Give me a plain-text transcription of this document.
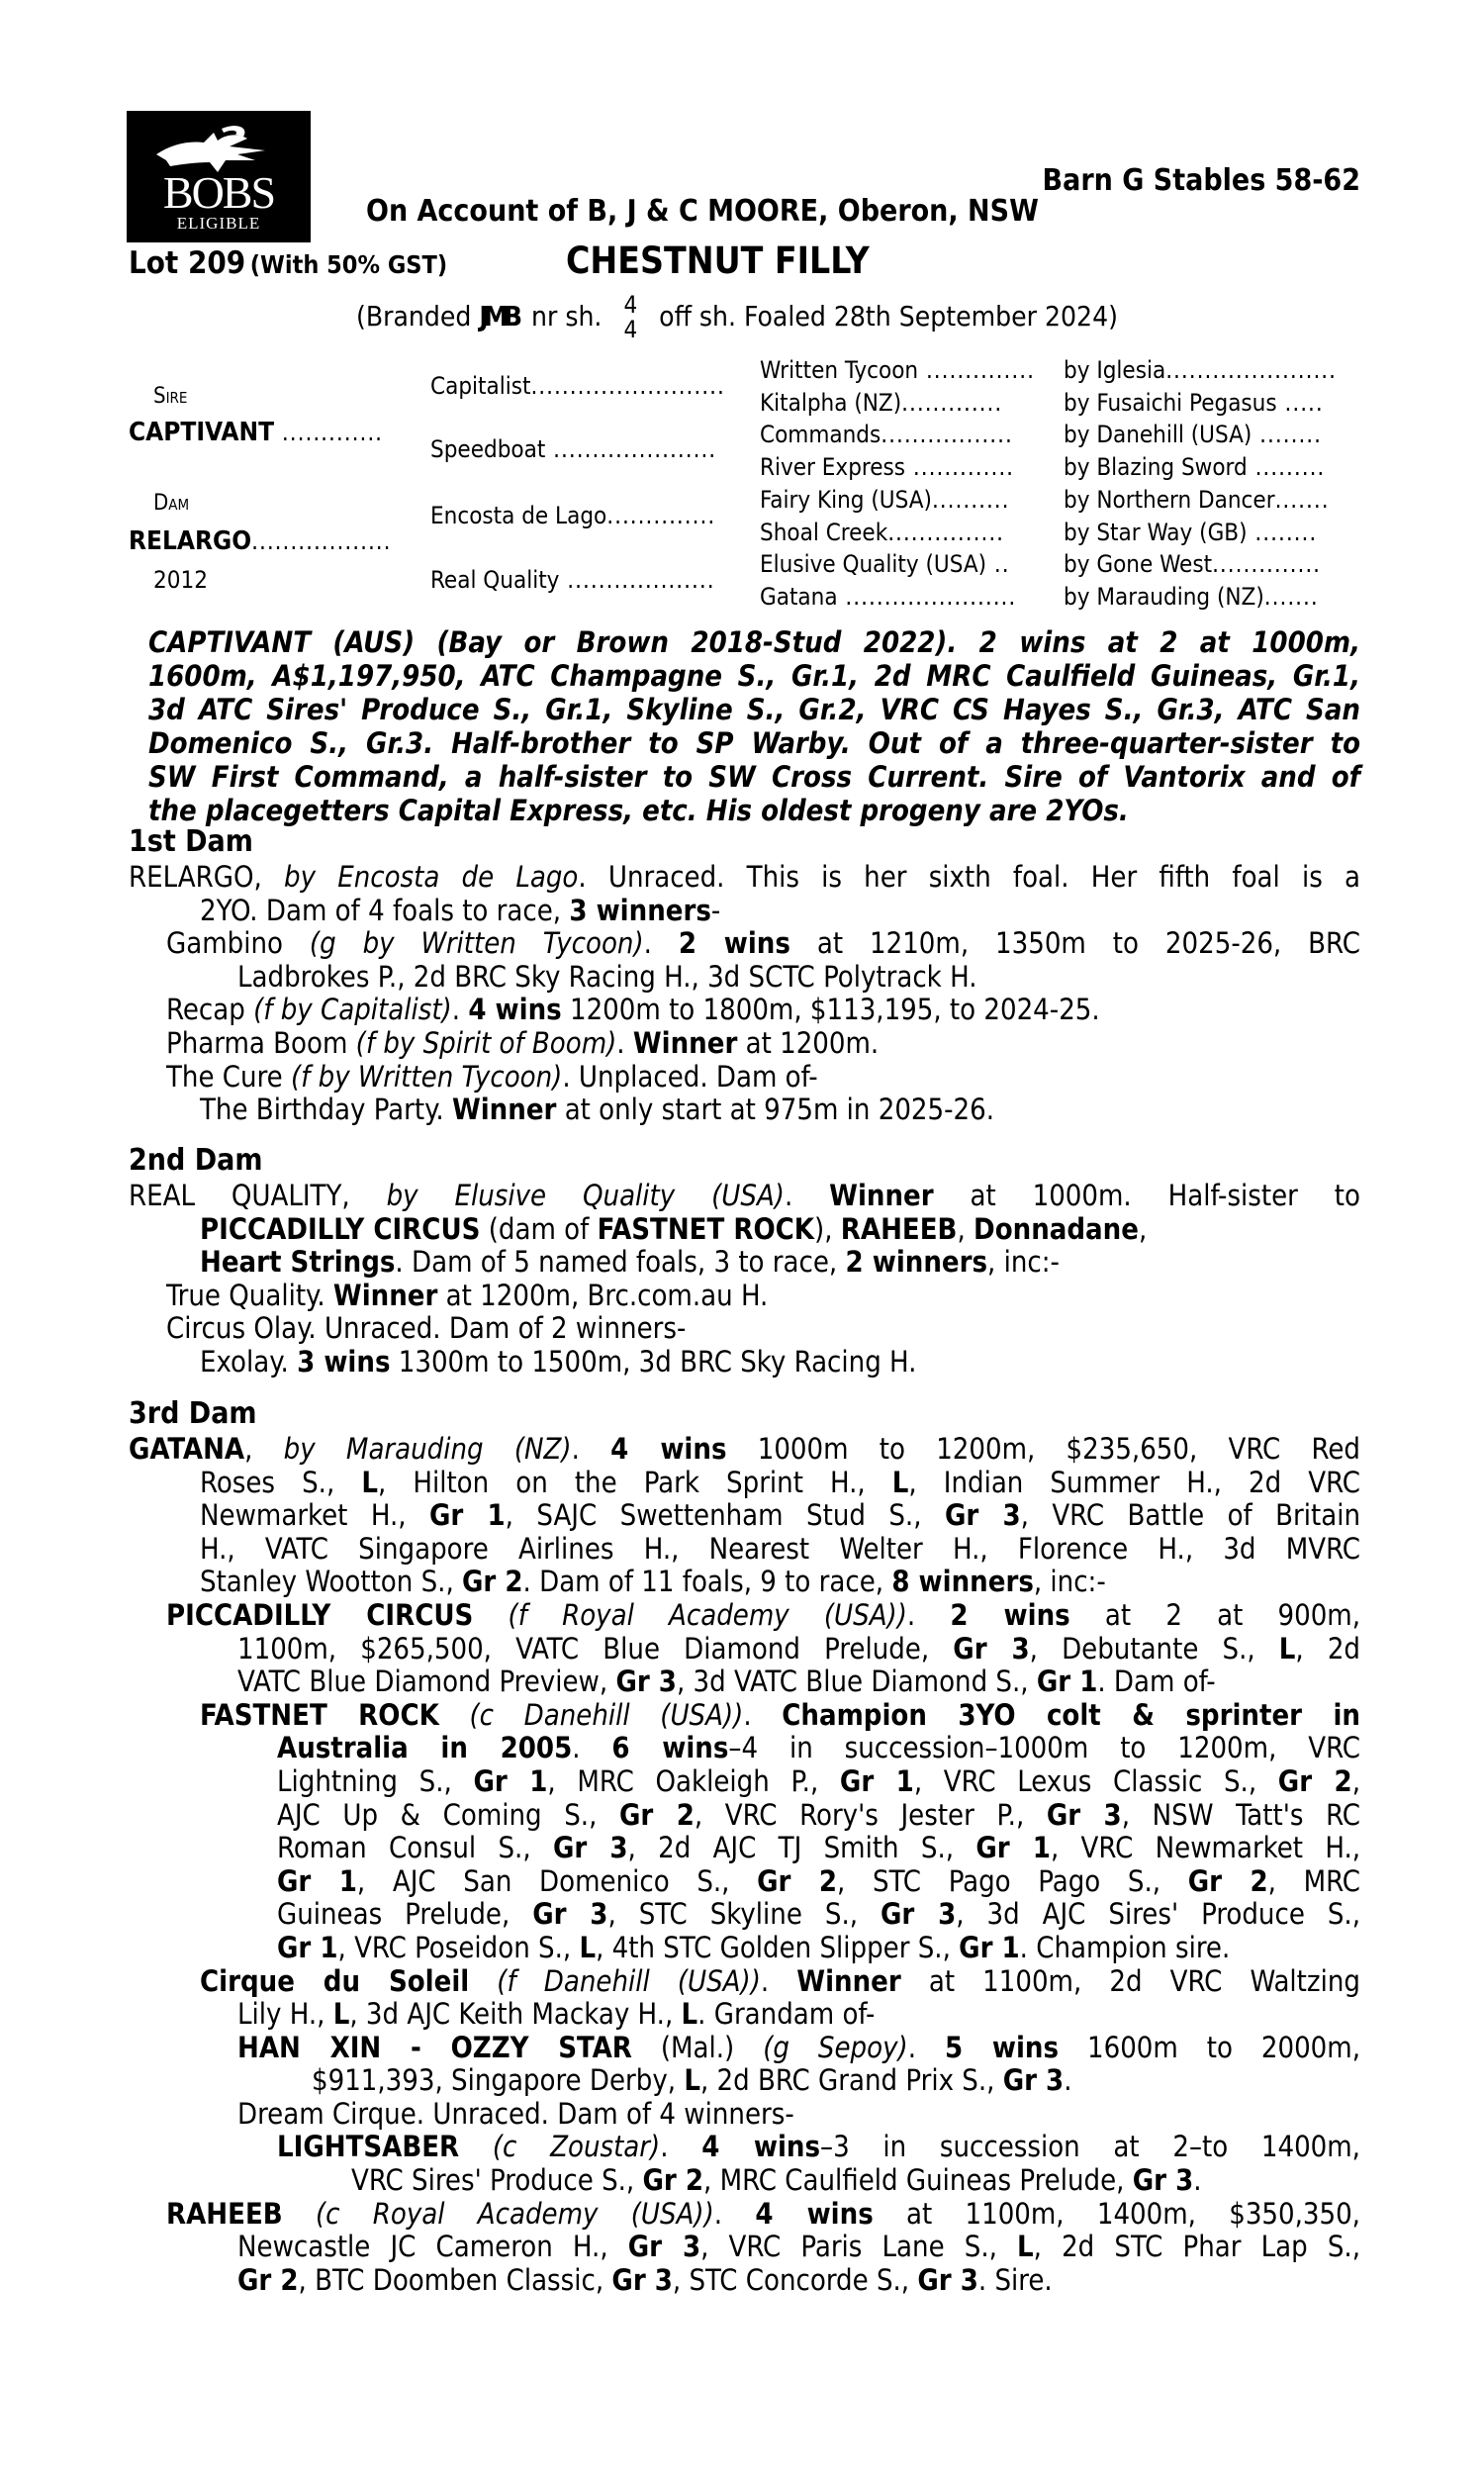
BOBS
ELIGIBLE
Barn G Stables 58-62
On Account of B, J & C MOORE, Oberon, NSW
Lot 209 (With 50% GST)	CHESTNUT FILLY
(Branded JMB nr sh. 4
4 off sh. Foaled 28th September 2024)
Sire
CAPTIVANT .............
Dam
RELARGO..................
2012
Capitalist.........................
Speedboat .....................
Encosta de Lago..............
Real Quality ...................
Written Tycoon ..............
Kitalpha (NZ).............
Commands.................
River Express .............
Fairy King (USA)..........
Shoal Creek...............
Elusive Quality (USA) ..
Gatana ......................
by Iglesia......................
by Fusaichi Pegasus .....
by Danehill (USA) ........
by Blazing Sword .........
by Northern Dancer.......
by Star Way (GB) ........
by Gone West..............
by Marauding (NZ).......
CAPTIVANT (AUS) (Bay or Brown 2018-Stud 2022). 2 wins at 2 at 1000m,
1600m, A$1,197,950, ATC Champagne S., Gr.1, 2d MRC Caulfield Guineas, Gr.1,
3d ATC Sires' Produce S., Gr.1, Skyline S., Gr.2, VRC CS Hayes S., Gr.3, ATC San
Domenico S., Gr.3. Half-brother to SP Warby. Out of a three-quarter-sister to
SW First Command, a half-sister to SW Cross Current. Sire of Vantorix and of
the placegetters Capital Express, etc. His oldest progeny are 2YOs.
1st Dam
RELARGO, by Encosta de Lago. Unraced. This is her sixth foal. Her fifth foal is a
2YO. Dam of 4 foals to race, 3 winners-
Gambino (g by Written Tycoon). 2 wins at 1210m, 1350m to 2025-26, BRC
Ladbrokes P., 2d BRC Sky Racing H., 3d SCTC Polytrack H.
Recap (f by Capitalist). 4 wins 1200m to 1800m, $113,195, to 2024-25.
Pharma Boom (f by Spirit of Boom). Winner at 1200m.
The Cure (f by Written Tycoon). Unplaced. Dam of-
The Birthday Party. Winner at only start at 975m in 2025-26.
2nd Dam
REAL QUALITY, by Elusive Quality (USA). Winner at 1000m. Half-sister to
PICCADILLY CIRCUS (dam of FASTNET ROCK), RAHEEB, Donnadane,
Heart Strings. Dam of 5 named foals, 3 to race, 2 winners, inc:-
True Quality. Winner at 1200m, Brc.com.au H.
Circus Olay. Unraced. Dam of 2 winners-
Exolay. 3 wins 1300m to 1500m, 3d BRC Sky Racing H.
3rd Dam
GATANA, by Marauding (NZ). 4 wins 1000m to 1200m, $235,650, VRC Red
Roses S., L, Hilton on the Park Sprint H., L, Indian Summer H., 2d VRC
Newmarket H., Gr 1, SAJC Swettenham Stud S., Gr 3, VRC Battle of Britain
H., VATC Singapore Airlines H., Nearest Welter H., Florence H., 3d MVRC
Stanley Wootton S., Gr 2. Dam of 11 foals, 9 to race, 8 winners, inc:-
PICCADILLY CIRCUS (f Royal Academy (USA)). 2 wins at 2 at 900m,
1100m, $265,500, VATC Blue Diamond Prelude, Gr 3, Debutante S., L, 2d
VATC Blue Diamond Preview, Gr 3, 3d VATC Blue Diamond S., Gr 1. Dam of-
FASTNET ROCK (c Danehill (USA)). Champion 3YO colt & sprinter in
Australia in 2005. 6 wins–4 in succession–1000m to 1200m, VRC
Lightning S., Gr 1, MRC Oakleigh P., Gr 1, VRC Lexus Classic S., Gr 2,
AJC Up & Coming S., Gr 2, VRC Rory's Jester P., Gr 3, NSW Tatt's RC
Roman Consul S., Gr 3, 2d AJC TJ Smith S., Gr 1, VRC Newmarket H.,
Gr 1, AJC San Domenico S., Gr 2, STC Pago Pago S., Gr 2, MRC
Guineas Prelude, Gr 3, STC Skyline S., Gr 3, 3d AJC Sires' Produce S.,
Gr 1, VRC Poseidon S., L, 4th STC Golden Slipper S., Gr 1. Champion sire.
Cirque du Soleil (f Danehill (USA)). Winner at 1100m, 2d VRC Waltzing
Lily H., L, 3d AJC Keith Mackay H., L. Grandam of-
HAN XIN - OZZY STAR (Mal.) (g Sepoy). 5 wins 1600m to 2000m,
$911,393, Singapore Derby, L, 2d BRC Grand Prix S., Gr 3.
Dream Cirque. Unraced. Dam of 4 winners-
LIGHTSABER (c Zoustar). 4 wins–3 in succession at 2–to 1400m,
VRC Sires' Produce S., Gr 2, MRC Caulfield Guineas Prelude, Gr 3.
RAHEEB (c Royal Academy (USA)). 4 wins at 1100m, 1400m, $350,350,
Newcastle JC Cameron H., Gr 3, VRC Paris Lane S., L, 2d STC Phar Lap S.,
Gr 2, BTC Doomben Classic, Gr 3, STC Concorde S., Gr 3. Sire.
